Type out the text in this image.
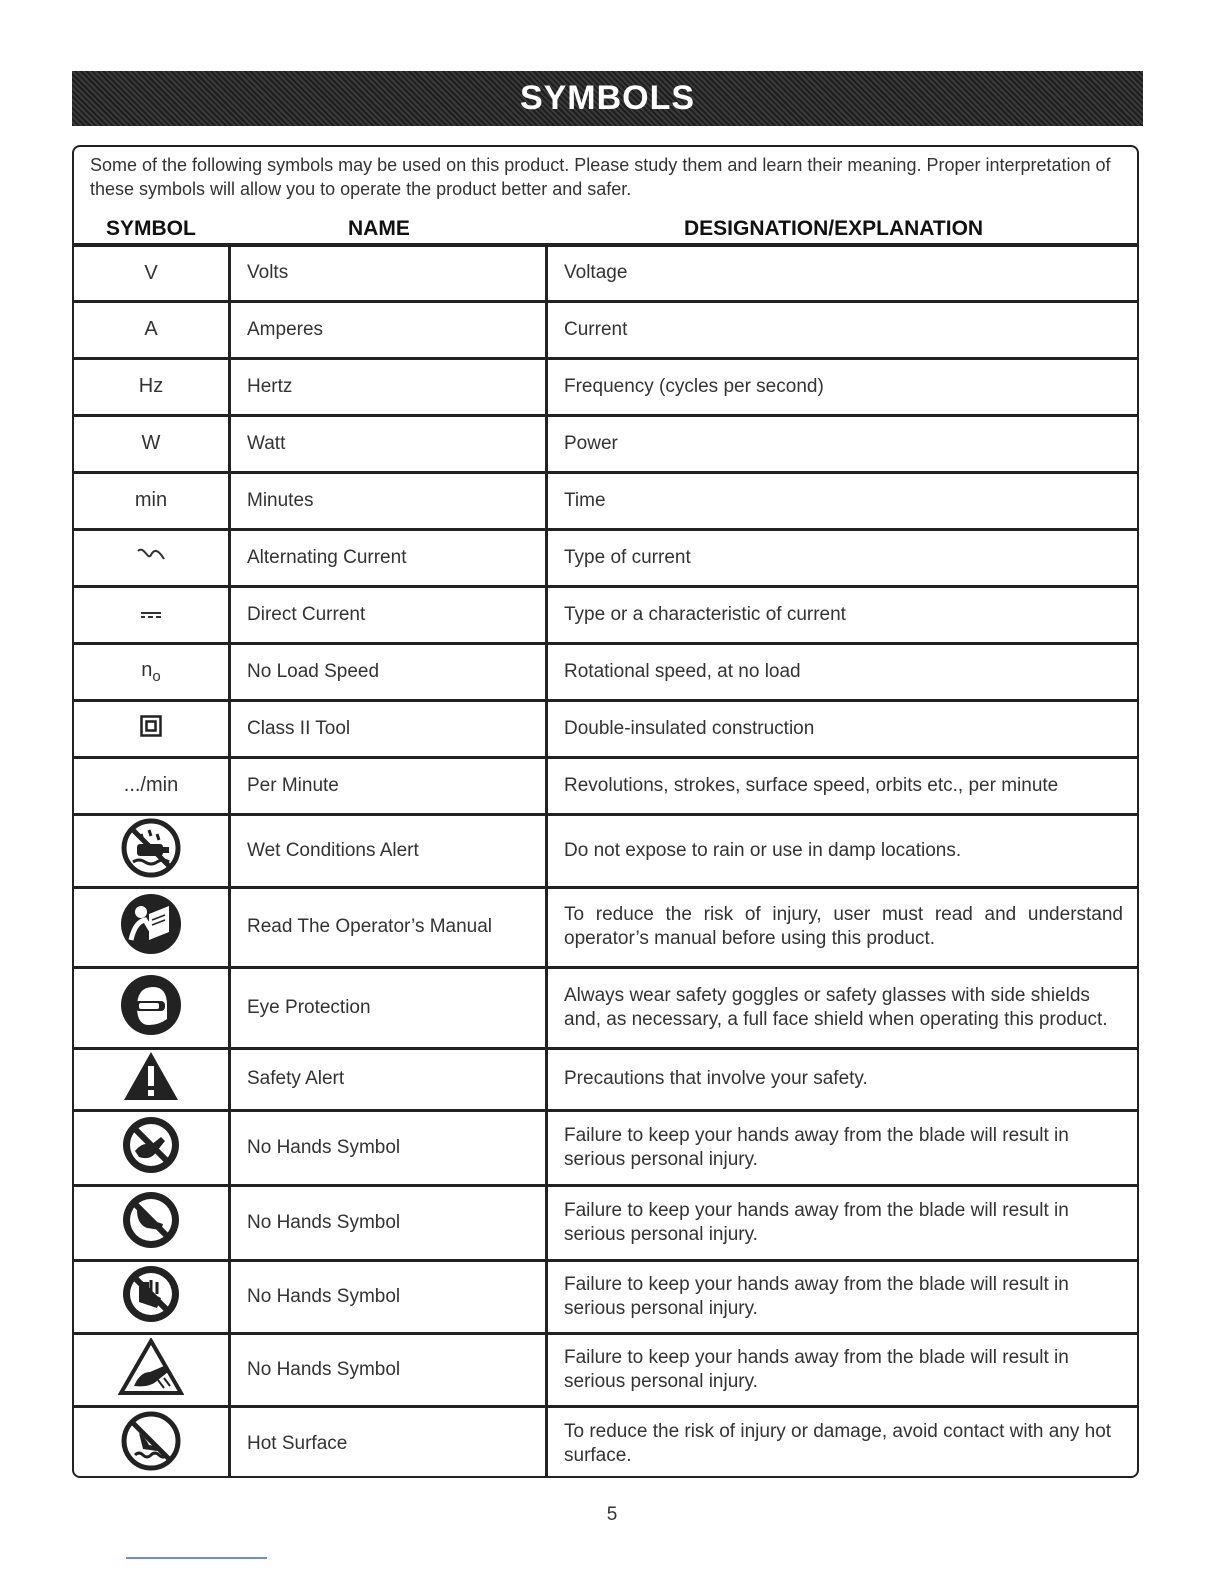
SYMBOLS
Some of the following symbols may be used on this product. Please study them and learn their meaning. Proper interpretation of these symbols will allow you to operate the product better and safer.
SYMBOL	NAME	DESIGNATION/EXPLANATION
V	Volts	Voltage
A	Amperes	Current
Hz	Hertz	Frequency (cycles per second)
W	Watt	Power
min	Minutes	Time
	Alternating Current	Type of current
	Direct Current	Type or a characteristic of current
$n_o$	No Load Speed	Rotational speed, at no load
	Class II Tool	Double-insulated construction
.../min	Per Minute	Revolutions, strokes, surface speed, orbits etc., per minute
	Wet Conditions Alert	Do not expose to rain or use in damp locations.
	Read The Operator’s Manual	To reduce the risk of injury, user must read and understand operator’s manual before using this product.
	Eye Protection	Always wear safety goggles or safety glasses with side shields and, as necessary, a full face shield when operating this product.
	Safety Alert	Precautions that involve your safety.
	No Hands Symbol	Failure to keep your hands away from the blade will result in serious personal injury.
	No Hands Symbol	Failure to keep your hands away from the blade will result in serious personal injury.
	No Hands Symbol	Failure to keep your hands away from the blade will result in serious personal injury.
	No Hands Symbol	Failure to keep your hands away from the blade will result in serious personal injury.
	Hot Surface	To reduce the risk of injury or damage, avoid contact with any hot surface.
5
